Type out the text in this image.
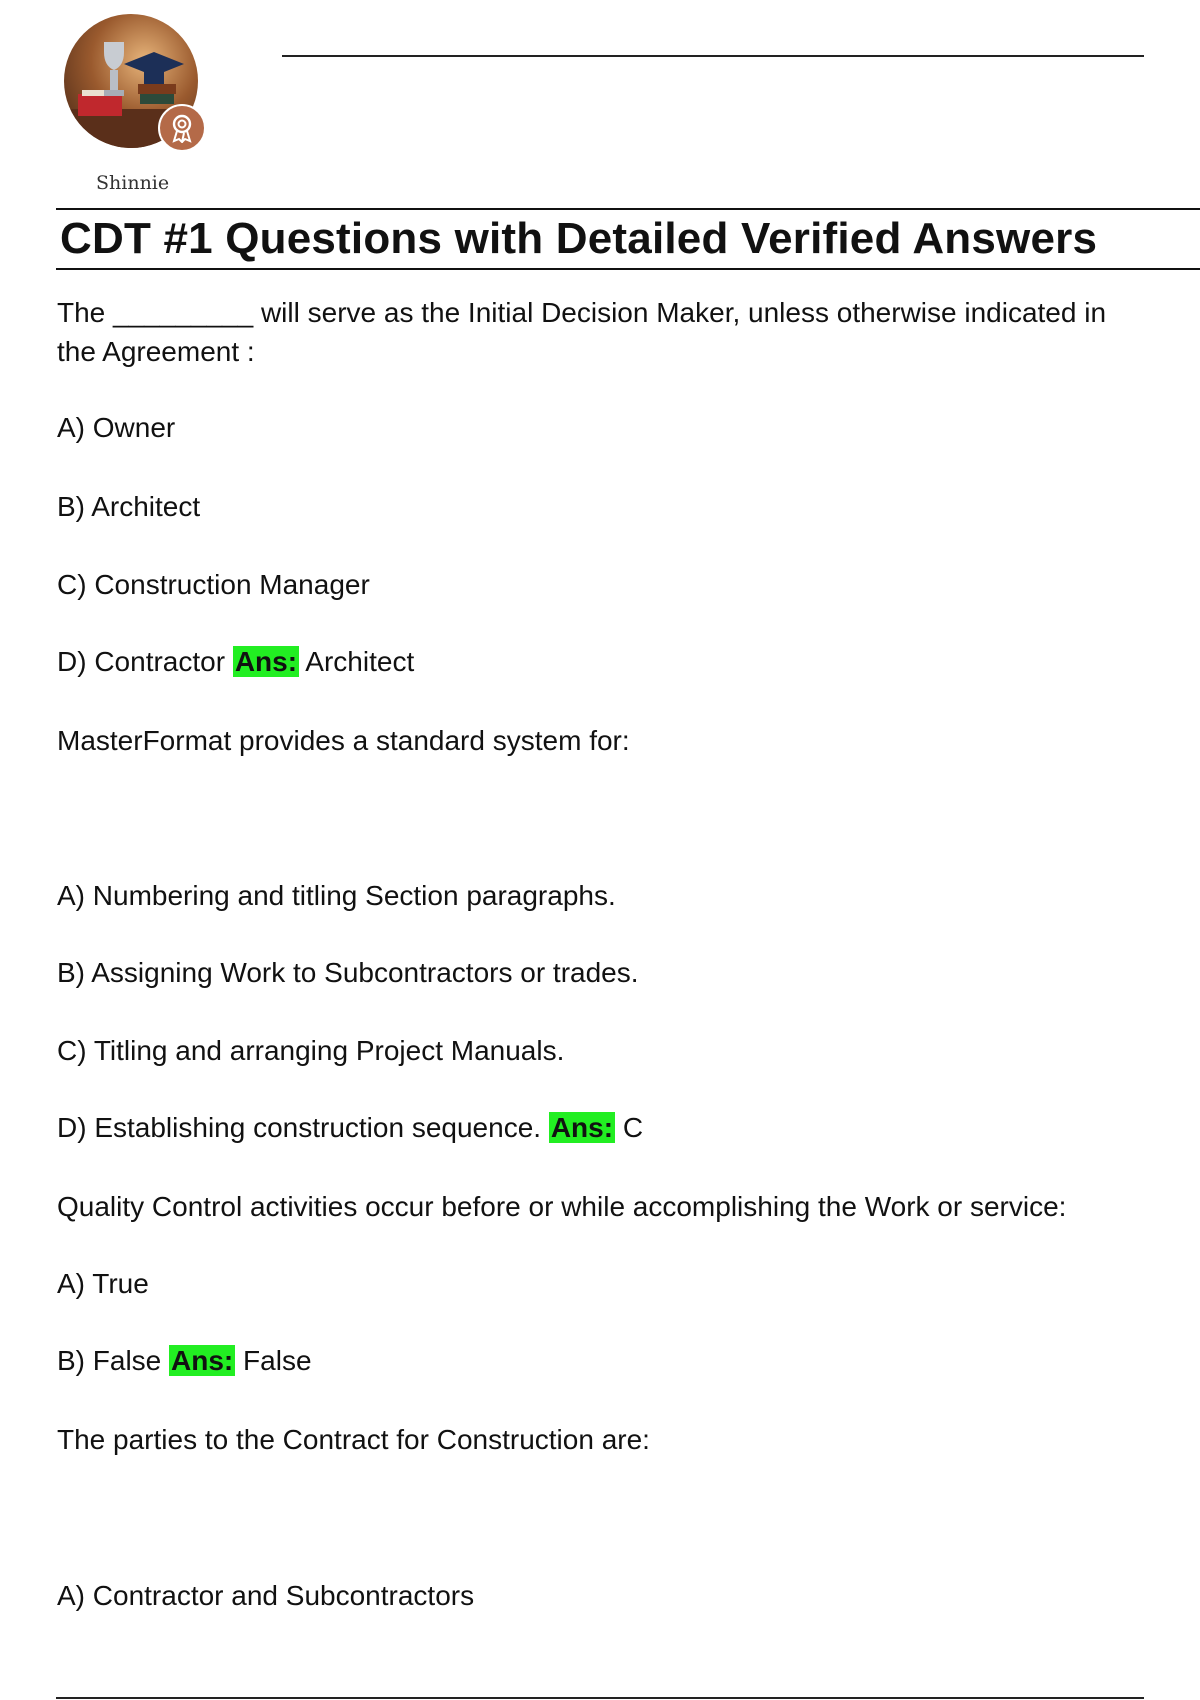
Shinnie
CDT #1 Questions with Detailed Verified Answers

The _________ will serve as the Initial Decision Maker, unless otherwise indicated in

the Agreement :

A) Owner

B) Architect

C) Construction Manager

D) Contractor Ans: Architect

MasterFormat provides a standard system for:

A) Numbering and titling Section paragraphs.

B) Assigning Work to Subcontractors or trades.

C) Titling and arranging Project Manuals.

D) Establishing construction sequence. Ans: C

Quality Control activities occur before or while accomplishing the Work or service:

A) True

B) False Ans: False

The parties to the Contract for Construction are:

A) Contractor and Subcontractors
